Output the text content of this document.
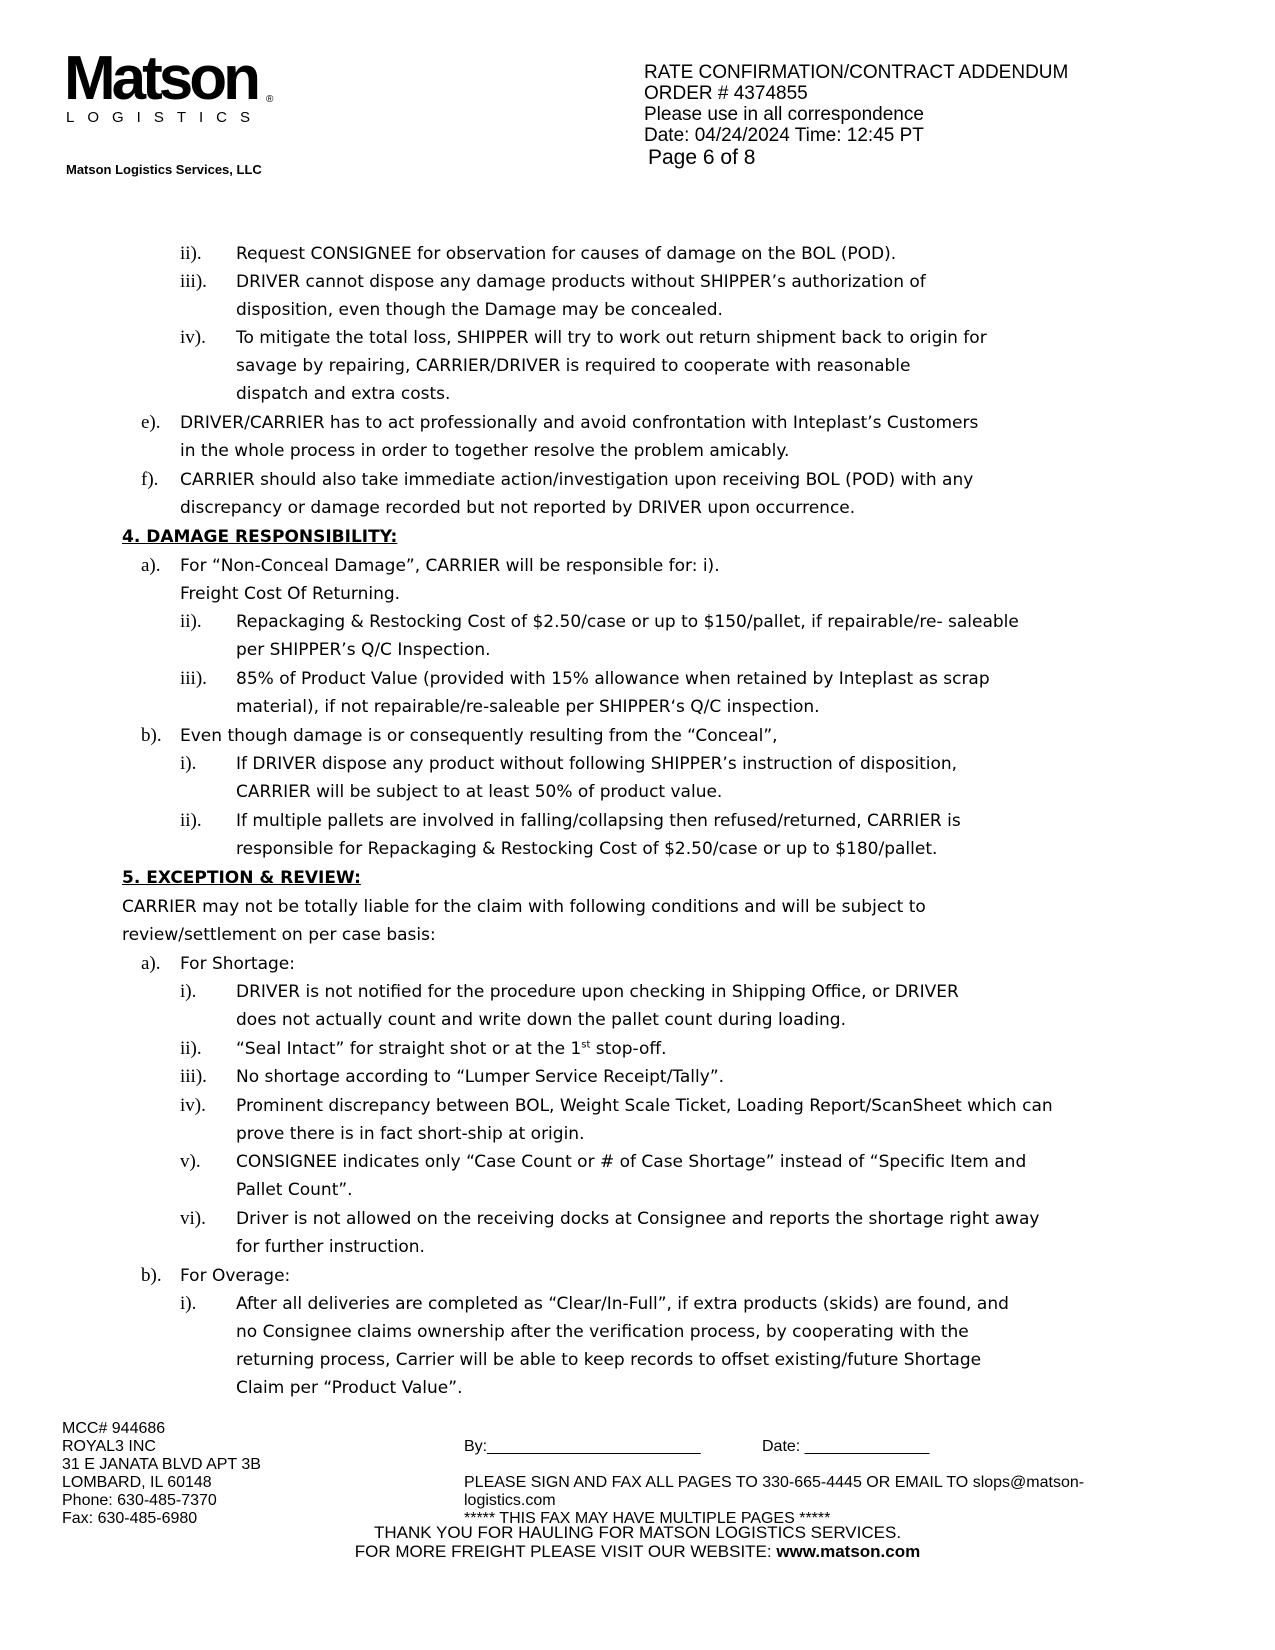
Matson ®
LOGISTICS
Matson Logistics Services, LLC
RATE CONFIRMATION/CONTRACT ADDENDUM
ORDER # 4374855
Please use in all correspondence
Date: 04/24/2024 Time: 12:45 PT
Page 6 of 8
ii). Request CONSIGNEE for observation for causes of damage on the BOL (POD).
iii). DRIVER cannot dispose any damage products without SHIPPER’s authorization of
disposition, even though the Damage may be concealed.
iv). To mitigate the total loss, SHIPPER will try to work out return shipment back to origin for
savage by repairing, CARRIER/DRIVER is required to cooperate with reasonable
dispatch and extra costs.
e). DRIVER/CARRIER has to act professionally and avoid confrontation with Inteplast’s Customers
in the whole process in order to together resolve the problem amicably.
f). CARRIER should also take immediate action/investigation upon receiving BOL (POD) with any
discrepancy or damage recorded but not reported by DRIVER upon occurrence.
4. DAMAGE RESPONSIBILITY:
a). For “Non-Conceal Damage”, CARRIER will be responsible for: i).
Freight Cost Of Returning.
ii). Repackaging & Restocking Cost of $2.50/case or up to $150/pallet, if repairable/re- saleable
per SHIPPER’s Q/C Inspection.
iii). 85% of Product Value (provided with 15% allowance when retained by Inteplast as scrap
material), if not repairable/re-saleable per SHIPPER‘s Q/C inspection.
b). Even though damage is or consequently resulting from the “Conceal”,
i). If DRIVER dispose any product without following SHIPPER’s instruction of disposition,
CARRIER will be subject to at least 50% of product value.
ii). If multiple pallets are involved in falling/collapsing then refused/returned, CARRIER is
responsible for Repackaging & Restocking Cost of $2.50/case or up to $180/pallet.
5. EXCEPTION & REVIEW:
CARRIER may not be totally liable for the claim with following conditions and will be subject to
review/settlement on per case basis:
a). For Shortage:
i). DRIVER is not notified for the procedure upon checking in Shipping Office, or DRIVER
does not actually count and write down the pallet count during loading.
ii). “Seal Intact” for straight shot or at the 1st stop-off.
iii). No shortage according to “Lumper Service Receipt/Tally”.
iv). Prominent discrepancy between BOL, Weight Scale Ticket, Loading Report/ScanSheet which can
prove there is in fact short-ship at origin.
v). CONSIGNEE indicates only “Case Count or # of Case Shortage” instead of “Specific Item and
Pallet Count”.
vi). Driver is not allowed on the receiving docks at Consignee and reports the shortage right away
for further instruction.
b). For Overage:
i). After all deliveries are completed as “Clear/In-Full”, if extra products (skids) are found, and
no Consignee claims ownership after the verification process, by cooperating with the
returning process, Carrier will be able to keep records to offset existing/future Shortage
Claim per “Product Value”.
MCC# 944686
ROYAL3 INC
31 E JANATA BLVD APT 3B
LOMBARD, IL 60148
Phone: 630-485-7370
Fax: 630-485-6980
By:________________________	Date: ______________
PLEASE SIGN AND FAX ALL PAGES TO 330-665-4445 OR EMAIL TO slops@matson-
logistics.com
***** THIS FAX MAY HAVE MULTIPLE PAGES *****
THANK YOU FOR HAULING FOR MATSON LOGISTICS SERVICES.
FOR MORE FREIGHT PLEASE VISIT OUR WEBSITE: www.matson.com
